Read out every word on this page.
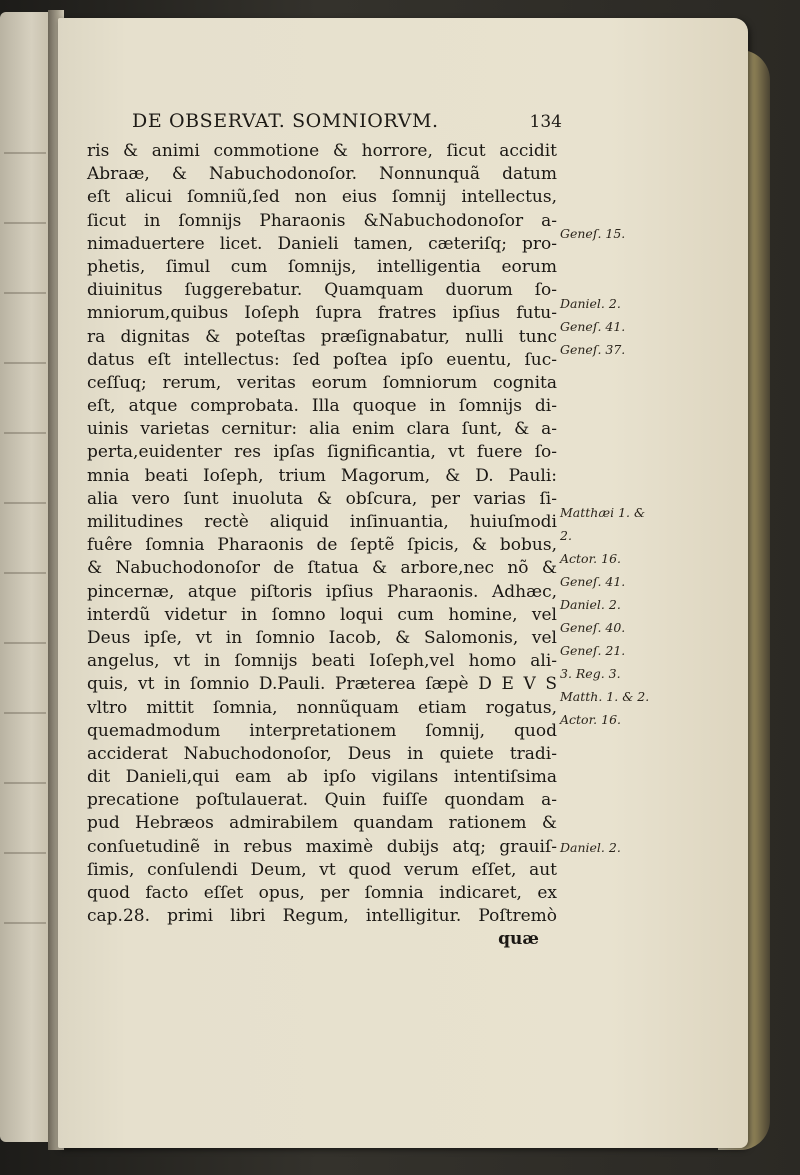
DE OBSERVAT. SOMNIORVM.	134
ris & animi commotione & horrore, ſicut accidit
Abraæ, & Nabuchodonoſor. Nonnunquã datum
eſt alicui ſomniũ,ſed non eius ſomnij intellectus,
ſicut in ſomnijs Pharaonis &Nabuchodonoſor a-
nimaduertere licet. Danieli tamen, cæteriſq; pro-
phetis, ſimul cum ſomnijs, intelligentia eorum
diuinitus ſuggerebatur. Quamquam duorum ſo-
mniorum,quibus Ioſeph ſupra fratres ipſius futu-
ra dignitas & poteſtas præſignabatur, nulli tunc
datus eſt intellectus: ſed poſtea ipſo euentu, ſuc-
ceſſuq; rerum, veritas eorum ſomniorum cognita
eſt, atque comprobata. Illa quoque in ſomnijs di-
uinis varietas cernitur: alia enim clara ſunt, & a-
perta,euidenter res ipſas ſignificantia, vt fuere ſo-
mnia beati Ioſeph, trium Magorum, & D. Pauli:
alia vero ſunt inuoluta & obſcura, per varias ſi-
militudines rectè aliquid inſinuantia, huiuſmodi
fuêre ſomnia Pharaonis de ſeptẽ ſpicis, & bobus,
& Nabuchodonoſor de ſtatua & arbore,nec nõ &
pincernæ, atque piſtoris ipſius Pharaonis. Adhæc,
interdũ videtur in ſomno loqui cum homine, vel
Deus ipſe, vt in ſomnio Iacob, & Salomonis, vel
angelus, vt in ſomnijs beati Ioſeph,vel homo ali-
quis, vt in ſomnio D.Pauli. Præterea ſæpè D E V S
vltro mittit ſomnia, nonnũquam etiam rogatus,
quemadmodum interpretationem ſomnij, quod
acciderat Nabuchodonoſor, Deus in quiete tradi-
dit Danieli,qui eam ab ipſo vigilans intentiſsima
precatione poſtulauerat. Quin fuiſſe quondam a-
pud Hebræos admirabilem quandam rationem &
conſuetudinẽ in rebus maximè dubijs atq; grauiſ-
ſimis, conſulendi Deum, vt quod verum eſſet, aut
quod facto eſſet opus, per ſomnia indicaret, ex
cap.28. primi libri Regum, intelligitur. Poſtremò
quæ
Geneſ. 15.
Daniel. 2.
Geneſ. 41.
Geneſ. 37.
Matthæi 1. &
2.
Actor. 16.
Geneſ. 41.
Daniel. 2.
Geneſ. 40.
Geneſ. 21.
3. Reg. 3.
Matth. 1. & 2.
Actor. 16.
Daniel. 2.
